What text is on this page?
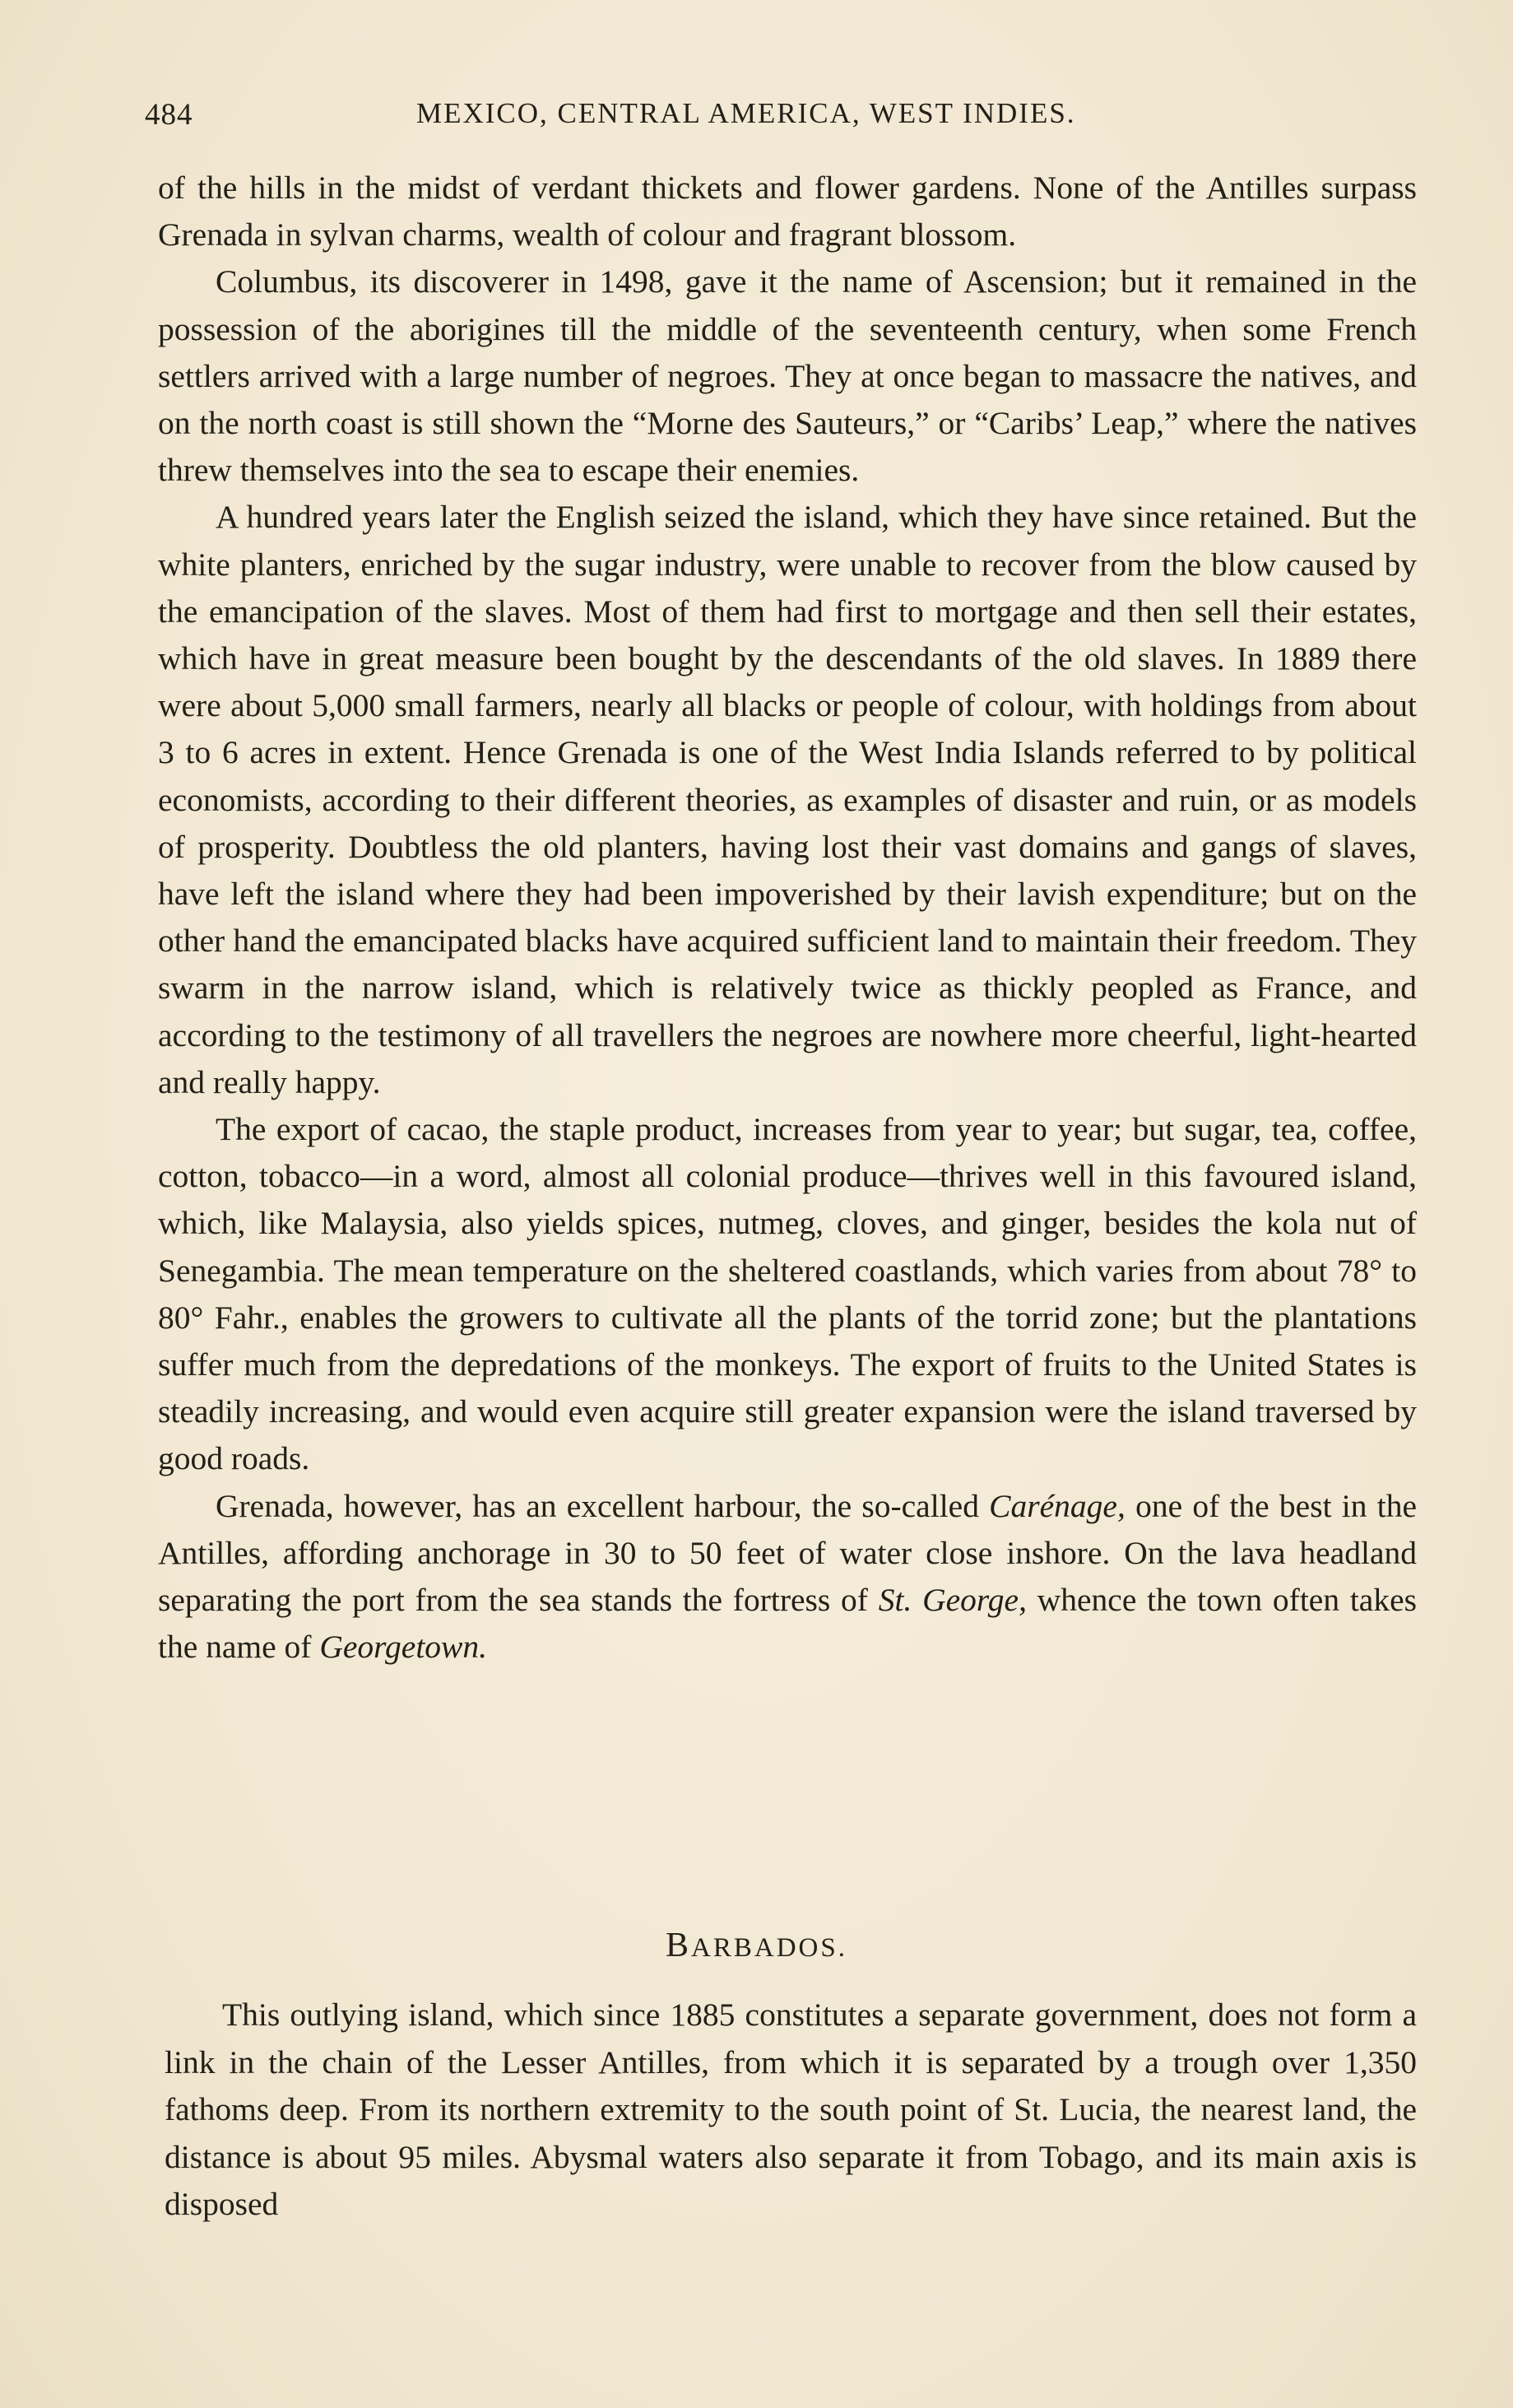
484	MEXICO, CENTRAL AMERICA, WEST INDIES.

of the hills in the midst of verdant thickets and flower gardens. None of the Antilles surpass Grenada in sylvan charms, wealth of colour and fragrant blossom.

Columbus, its discoverer in 1498, gave it the name of Ascension; but it remained in the possession of the aborigines till the middle of the seventeenth century, when some French settlers arrived with a large number of negroes. They at once began to massacre the natives, and on the north coast is still shown the “Morne des Sauteurs,” or “Caribs’ Leap,” where the natives threw themselves into the sea to escape their enemies.

A hundred years later the English seized the island, which they have since retained. But the white planters, enriched by the sugar industry, were unable to recover from the blow caused by the emancipation of the slaves. Most of them had first to mortgage and then sell their estates, which have in great measure been bought by the descendants of the old slaves. In 1889 there were about 5,000 small farmers, nearly all blacks or people of colour, with holdings from about 3 to 6 acres in extent. Hence Grenada is one of the West India Islands referred to by political economists, according to their different theories, as examples of disaster and ruin, or as models of prosperity. Doubtless the old planters, having lost their vast domains and gangs of slaves, have left the island where they had been impoverished by their lavish expenditure; but on the other hand the emancipated blacks have acquired sufficient land to maintain their freedom. They swarm in the narrow island, which is relatively twice as thickly peopled as France, and according to the testimony of all travellers the negroes are nowhere more cheerful, light-hearted and really happy.

The export of cacao, the staple product, increases from year to year; but sugar, tea, coffee, cotton, tobacco—in a word, almost all colonial produce—thrives well in this favoured island, which, like Malaysia, also yields spices, nutmeg, cloves, and ginger, besides the kola nut of Senegambia. The mean temperature on the sheltered coastlands, which varies from about 78° to 80° Fahr., enables the growers to cultivate all the plants of the torrid zone; but the plantations suffer much from the depredations of the monkeys. The export of fruits to the United States is steadily increasing, and would even acquire still greater expansion were the island traversed by good roads.

Grenada, however, has an excellent harbour, the so-called Carénage, one of the best in the Antilles, affording anchorage in 30 to 50 feet of water close inshore. On the lava headland separating the port from the sea stands the fortress of St. George, whence the town often takes the name of Georgetown.

BARBADOS.

This outlying island, which since 1885 constitutes a separate government, does not form a link in the chain of the Lesser Antilles, from which it is separated by a trough over 1,350 fathoms deep. From its northern extremity to the south point of St. Lucia, the nearest land, the distance is about 95 miles. Abysmal waters also separate it from Tobago, and its main axis is disposed
